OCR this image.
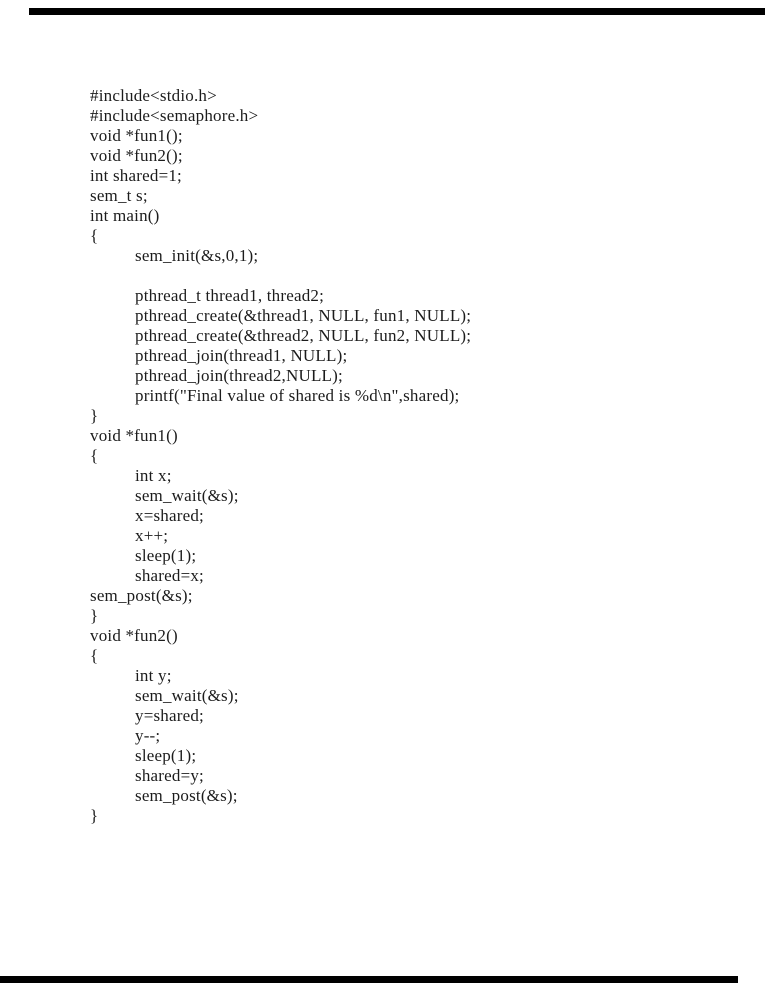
#include<stdio.h>
#include<semaphore.h>
void *fun1();
void *fun2();
int shared=1;
sem_t s;
int main()
{
sem_init(&s,0,1);
pthread_t thread1, thread2;
pthread_create(&thread1, NULL, fun1, NULL);
pthread_create(&thread2, NULL, fun2, NULL);
pthread_join(thread1, NULL);
pthread_join(thread2,NULL);
printf("Final value of shared is %d\n",shared);
}
void *fun1()
{
int x;
sem_wait(&s);
x=shared;
x++;
sleep(1);
shared=x;
sem_post(&s);
}
void *fun2()
{
int y;
sem_wait(&s);
y=shared;
y--;
sleep(1);
shared=y;
sem_post(&s);
}
